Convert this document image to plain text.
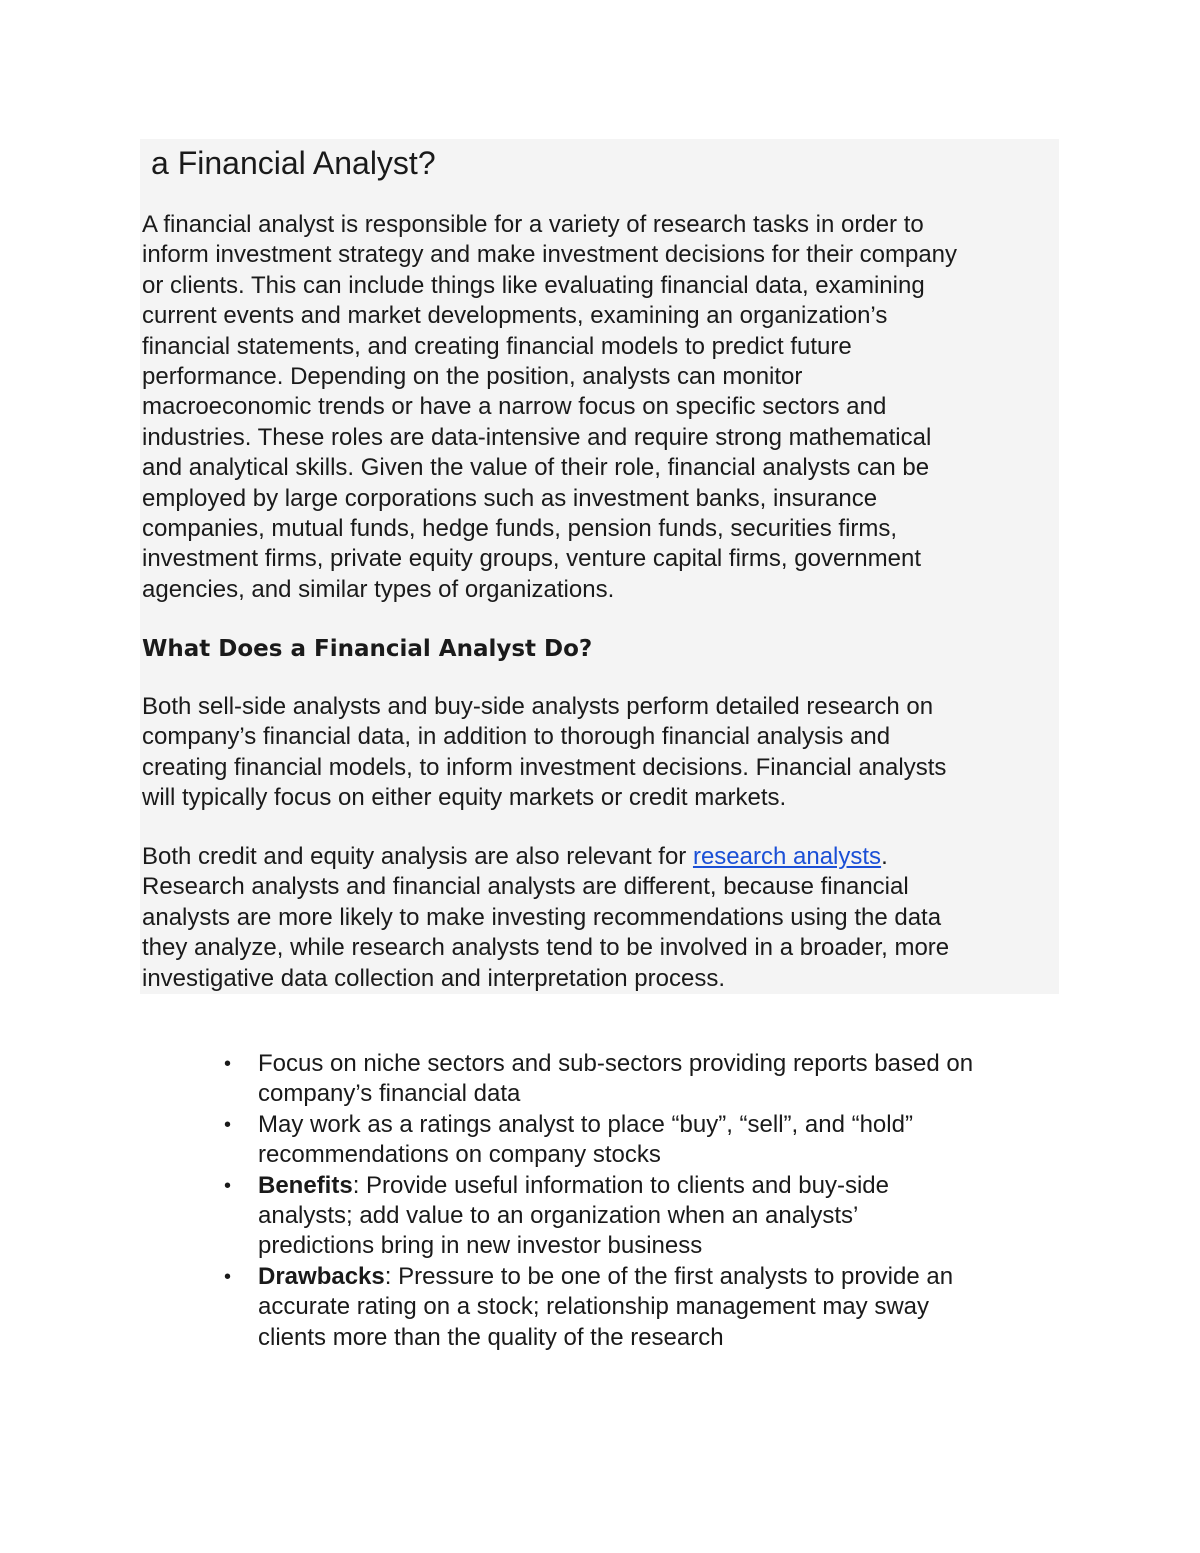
a Financial Analyst?

A financial analyst is responsible for a variety of research tasks in order to
inform investment strategy and make investment decisions for their company
or clients. This can include things like evaluating financial data, examining
current events and market developments, examining an organization’s
financial statements, and creating financial models to predict future
performance. Depending on the position, analysts can monitor
macroeconomic trends or have a narrow focus on specific sectors and
industries. These roles are data-intensive and require strong mathematical
and analytical skills. Given the value of their role, financial analysts can be
employed by large corporations such as investment banks, insurance
companies, mutual funds, hedge funds, pension funds, securities firms,
investment firms, private equity groups, venture capital firms, government
agencies, and similar types of organizations.

What Does a Financial Analyst Do?

Both sell-side analysts and buy-side analysts perform detailed research on
company’s financial data, in addition to thorough financial analysis and
creating financial models, to inform investment decisions. Financial analysts
will typically focus on either equity markets or credit markets.

Both credit and equity analysis are also relevant for research analysts.
Research analysts and financial analysts are different, because financial
analysts are more likely to make investing recommendations using the data
they analyze, while research analysts tend to be involved in a broader, more
investigative data collection and interpretation process.

• Focus on niche sectors and sub-sectors providing reports based on
company’s financial data
• May work as a ratings analyst to place “buy”, “sell”, and “hold”
recommendations on company stocks
• Benefits: Provide useful information to clients and buy-side
analysts; add value to an organization when an analysts’
predictions bring in new investor business
• Drawbacks: Pressure to be one of the first analysts to provide an
accurate rating on a stock; relationship management may sway
clients more than the quality of the research
